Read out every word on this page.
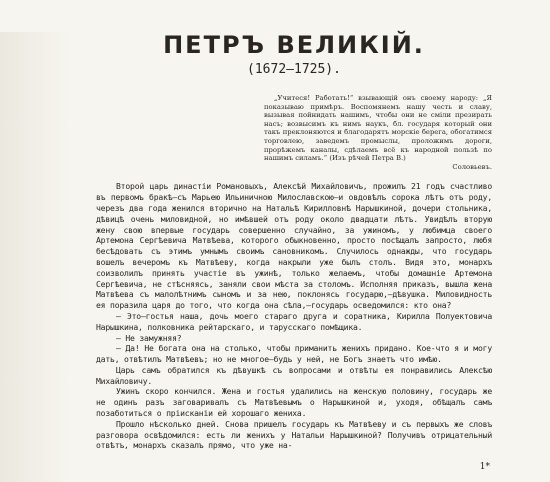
ПЕТРЪ ВЕЛИКІЙ.
(1672–1725).

„Учитеся! Работать!“ взывающій онъ своему народу: „Я показываю примѣръ. Воспомянемъ нашу честь и славу, вызывая пойнидать нашимъ, чтобы они не сміли презирать насъ; возвысимъ къ нимъ наукъ, бл. государя который они такъ преклоняются и благодарятъ морскіе берега, обогатимся торговлею, заведемъ промыслы, проложимъ дороги, прорѣжемъ каналы, сдѣлаемъ всё къ народной пользѣ по нашимъ силамъ.“ (Изъ рѣчей Петра В.)

Соловьевъ.

Второй царь династіи Романовыхъ, Алексѣй Михайловичъ, прожилъ 21 годъ счастливо въ первомъ бракѣ—съ Марьею Ильиничною Милославскою—и овдовѣлъ сорока лѣтъ отъ роду, черезъ два года женился вторично на Натальѣ Кирилловнѣ Нарышкиной, дочери стольника, дѣвицѣ очень миловидной, но имѣвшей отъ роду около двадцати лѣтъ. Увидѣлъ вторую жену свою впервые государь совершенно случайно, за ужиномъ, у любимца своего Артемона Сергѣевича Матвѣева, которого обыкновенно, просто посѣщалъ запросто, любя бесѣдовать съ этимъ умнымъ своимъ сановникомъ. Случилось однажды, что государь вошелъ вечеромъ къ Матвѣеву, когда накрыли уже былъ столъ. Видя это, монархъ соизволилъ принять участіе въ ужинѣ, только желаемъ, чтобы домашніе Артемона Сергѣевича, не стѣсняясь, заняли свои мѣста за столомъ. Исполняя приказъ, вышла жена Матвѣева съ малолѣтнимъ сыномъ и за нею, поклонясь государю,—дѣвушка. Миловидность ея поразила царя до того, что когда она сѣла,—государь осведомился: кто она?

— Это—гостья наша, дочь моего стараго друга и соратника, Кирилла Полуектовича Нарышкина, полковника рейтарскаго, и тарусскаго помѣщика.

— Не замужняя?

— Да! Не богата она на столько, чтобы приманить женихъ придано. Кое-что я и могу дать, отвѣтилъ Матвѣевъ; но не многое—будь у ней, не Богъ знаетъ что имѣю.

Царь самъ обратился къ дѣвушкѣ съ вопросами и отвѣты ея понравились Алексѣю Михайловичу.

Ужинъ скоро кончился. Жена и гостья удалились на женскую половину, государь же не одинъ разъ заговаривалъ съ Матвѣевымъ о Нарышкиной и, уходя, обѣщалъ самъ позаботиться о пріисканіи ей хорошаго жениха.

Прошло нѣсколько дней. Снова пришелъ государь къ Матвѣеву и съ первыхъ же словъ разговора освѣдомился: есть ли женихъ у Натальи Нарышкиной? Получивъ отрицательный отвѣтъ, монархъ сказалъ прямо, что уже на-

1*
